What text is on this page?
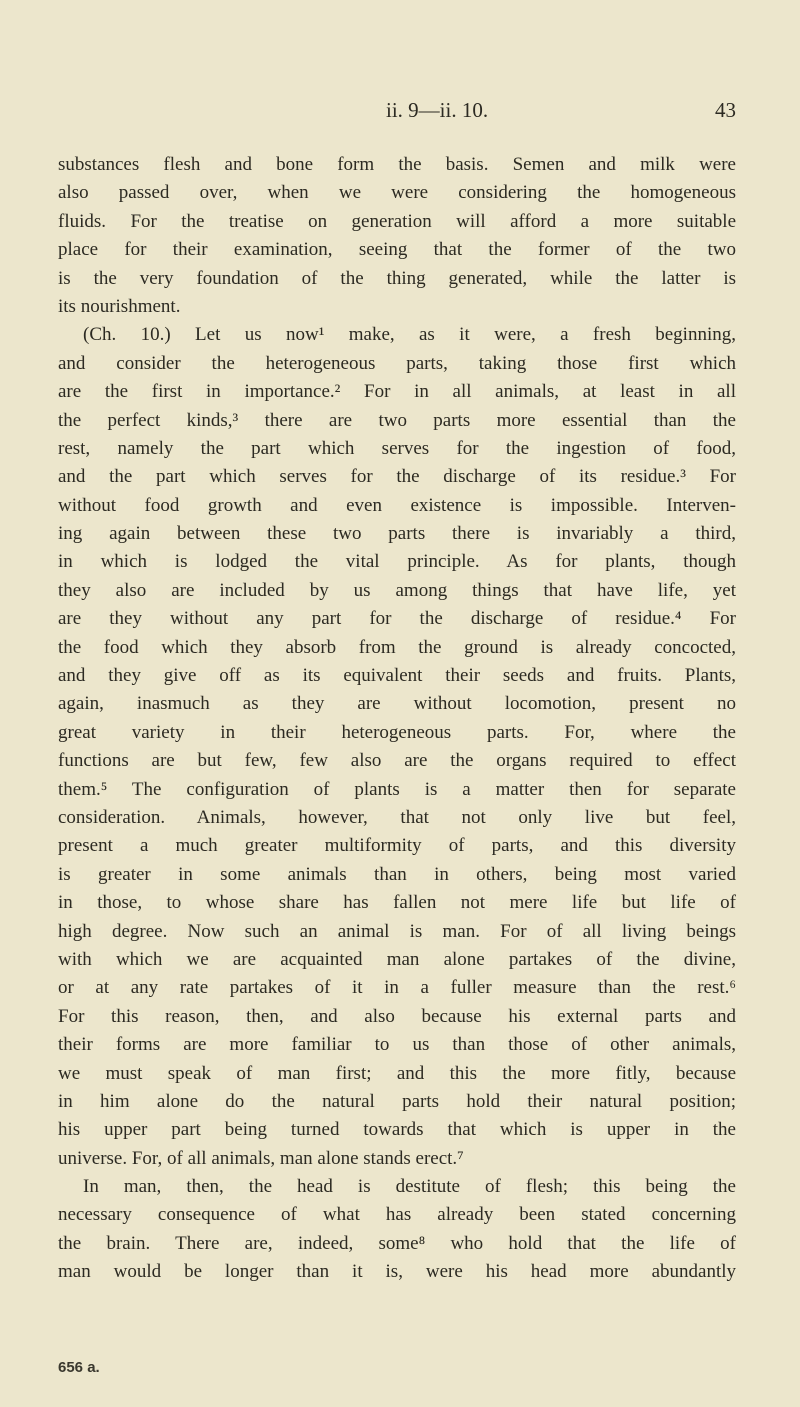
ii. 9—ii. 10.	43
substances flesh and bone form the basis. Semen and milk were
also passed over, when we were considering the homogeneous
fluids. For the treatise on generation will afford a more suitable
place for their examination, seeing that the former of the two
is the very foundation of the thing generated, while the latter is
its nourishment.
(Ch. 10.) Let us now¹ make, as it were, a fresh beginning,
and consider the heterogeneous parts, taking those first which
are the first in importance.² For in all animals, at least in all
the perfect kinds,³ there are two parts more essential than the
rest, namely the part which serves for the ingestion of food,
and the part which serves for the discharge of its residue.³ For
without food growth and even existence is impossible. Interven-
ing again between these two parts there is invariably a third,
in which is lodged the vital principle. As for plants, though
they also are included by us among things that have life, yet
are they without any part for the discharge of residue.⁴ For
the food which they absorb from the ground is already concocted,
and they give off as its equivalent their seeds and fruits. Plants,
again, inasmuch as they are without locomotion, present no
great variety in their heterogeneous parts. For, where the
functions are but few, few also are the organs required to effect
them.⁵ The configuration of plants is a matter then for separate
consideration. Animals, however, that not only live but feel,
present a much greater multiformity of parts, and this diversity
is greater in some animals than in others, being most varied
in those, to whose share has fallen not mere life but life of
high degree. Now such an animal is man. For of all living beings
with which we are acquainted man alone partakes of the divine,
or at any rate partakes of it in a fuller measure than the rest.⁶
For this reason, then, and also because his external parts and
their forms are more familiar to us than those of other animals,
we must speak of man first; and this the more fitly, because
in him alone do the natural parts hold their natural position;
his upper part being turned towards that which is upper in the
universe. For, of all animals, man alone stands erect.⁷
In man, then, the head is destitute of flesh; this being the
necessary consequence of what has already been stated concerning
the brain. There are, indeed, some⁸ who hold that the life of
man would be longer than it is, were his head more abundantly
656 a.
